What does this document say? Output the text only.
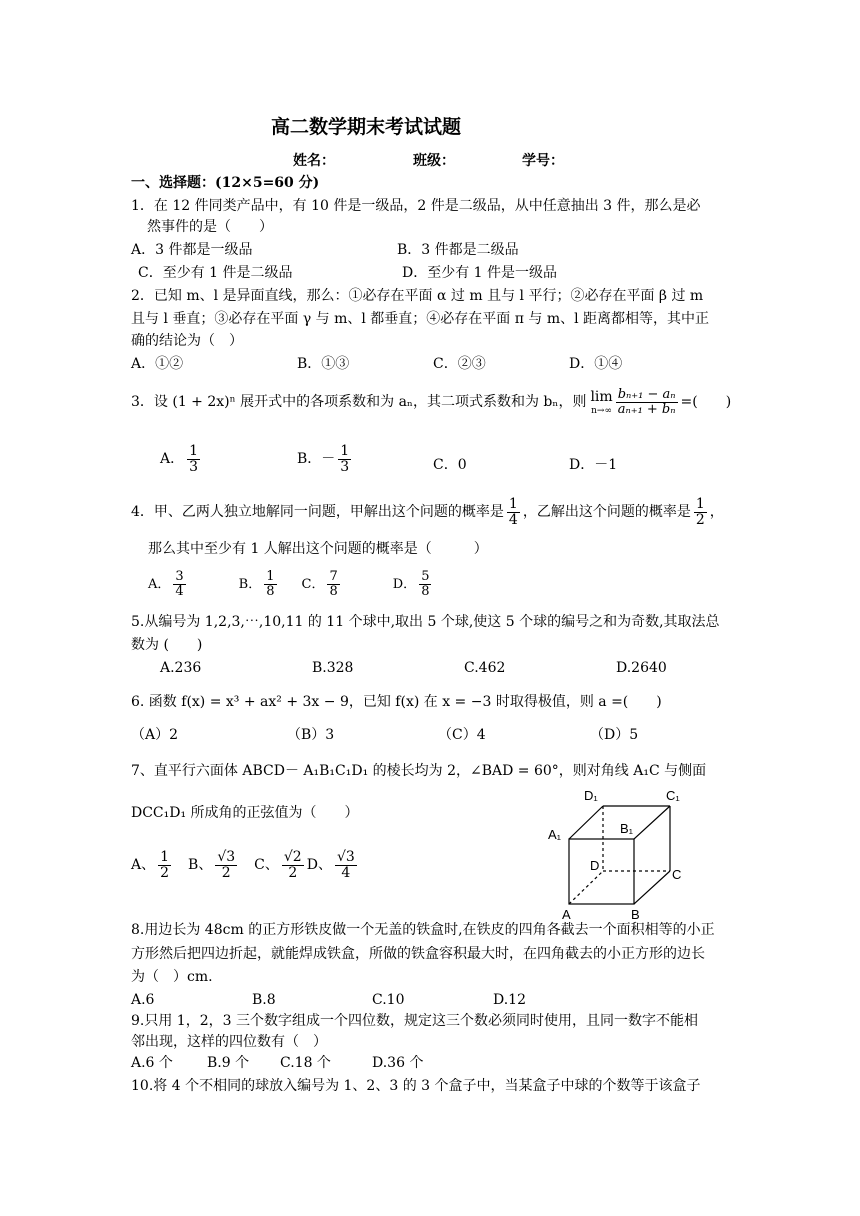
高二数学期末考试试题
姓名：	班级：	学号：
一、选择题：(12×5=60 分)
1．在 12 件同类产品中，有 10 件是一级品，2 件是二级品，从中任意抽出 3 件，那么是必
然事件的是（　　）
A．3 件都是一级品	B．3 件都是二级品
C．至少有 1 件是二级品	D．至少有 1 件是一级品
2．已知 m、l 是异面直线，那么：①必存在平面 α 过 m 且与 l 平行；②必存在平面 β 过 m
且与 l 垂直；③必存在平面 γ 与 m、l 都垂直；④必存在平面 π 与 m、l 距离都相等，其中正
确的结论为（　）
A．①②	B．①③	C．②③	D．①④
3．设 (1 + 2x)ⁿ 展开式中的各项系数和为 aₙ，其二项式系数和为 bₙ，则 lim
$n\to\infty \frac{\text{bₙ₊₁ − aₙ}}{\text{aₙ₊₁ + bₙ}}$ =(　　)
A． $\frac{1}{3}$	B．－ $\frac{1}{3}$	C．0	D．－1
4．甲、乙两人独立地解同一问题，甲解出这个问题的概率是 $\frac{1}{4}$ ，乙解出这个问题的概率是 $\frac{1}{2}$ ，
那么其中至少有 1 人解出这个问题的概率是（　　　）
A． $\frac{3}{4}$	B． $\frac{1}{8}$ C． $\frac{7}{8}$	D． $\frac{5}{8}$
5.从编号为 1,2,3,⋯,10,11 的 11 个球中,取出 5 个球,使这 5 个球的编号之和为奇数,其取法总
数为 (　　)
A.236	B.328	C.462	D.2640
6. 函数 f(x) = x³ + ax² + 3x − 9，已知 f(x) 在 x = −3 时取得极值，则 a =(　　)
（A）2	（B）3	（C）4	（D）5
7、直平行六面体 ABCD－ A₁B₁C₁D₁ 的棱长均为 2，∠BAD = 60°，则对角线 A₁C 与侧面
DCC₁D₁ 所成角的正弦值为（　　）
A、 $\frac{1}{2}$ B、 $\frac{√3}{2}$ C、 $\frac{√2}{2}$ D、 $\frac{√3}{4}$
D₁	C₁
B₁
A₁
D
C
A	B
8.用边长为 48cm 的正方形铁皮做一个无盖的铁盒时,在铁皮的四角各截去一个面积相等的小正
方形然后把四边折起，就能焊成铁盒，所做的铁盒容积最大时，在四角截去的小正方形的边长
为（　）cm.
A.6	B.8	C.10	D.12
9.只用 1，2，3 三个数字组成一个四位数，规定这三个数必须同时使用，且同一数字不能相
邻出现，这样的四位数有（　）
A.6 个 B.9 个 C.18 个	D.36 个
10.将 4 个不相同的球放入编号为 1、2、3 的 3 个盒子中，当某盒子中球的个数等于该盒子
